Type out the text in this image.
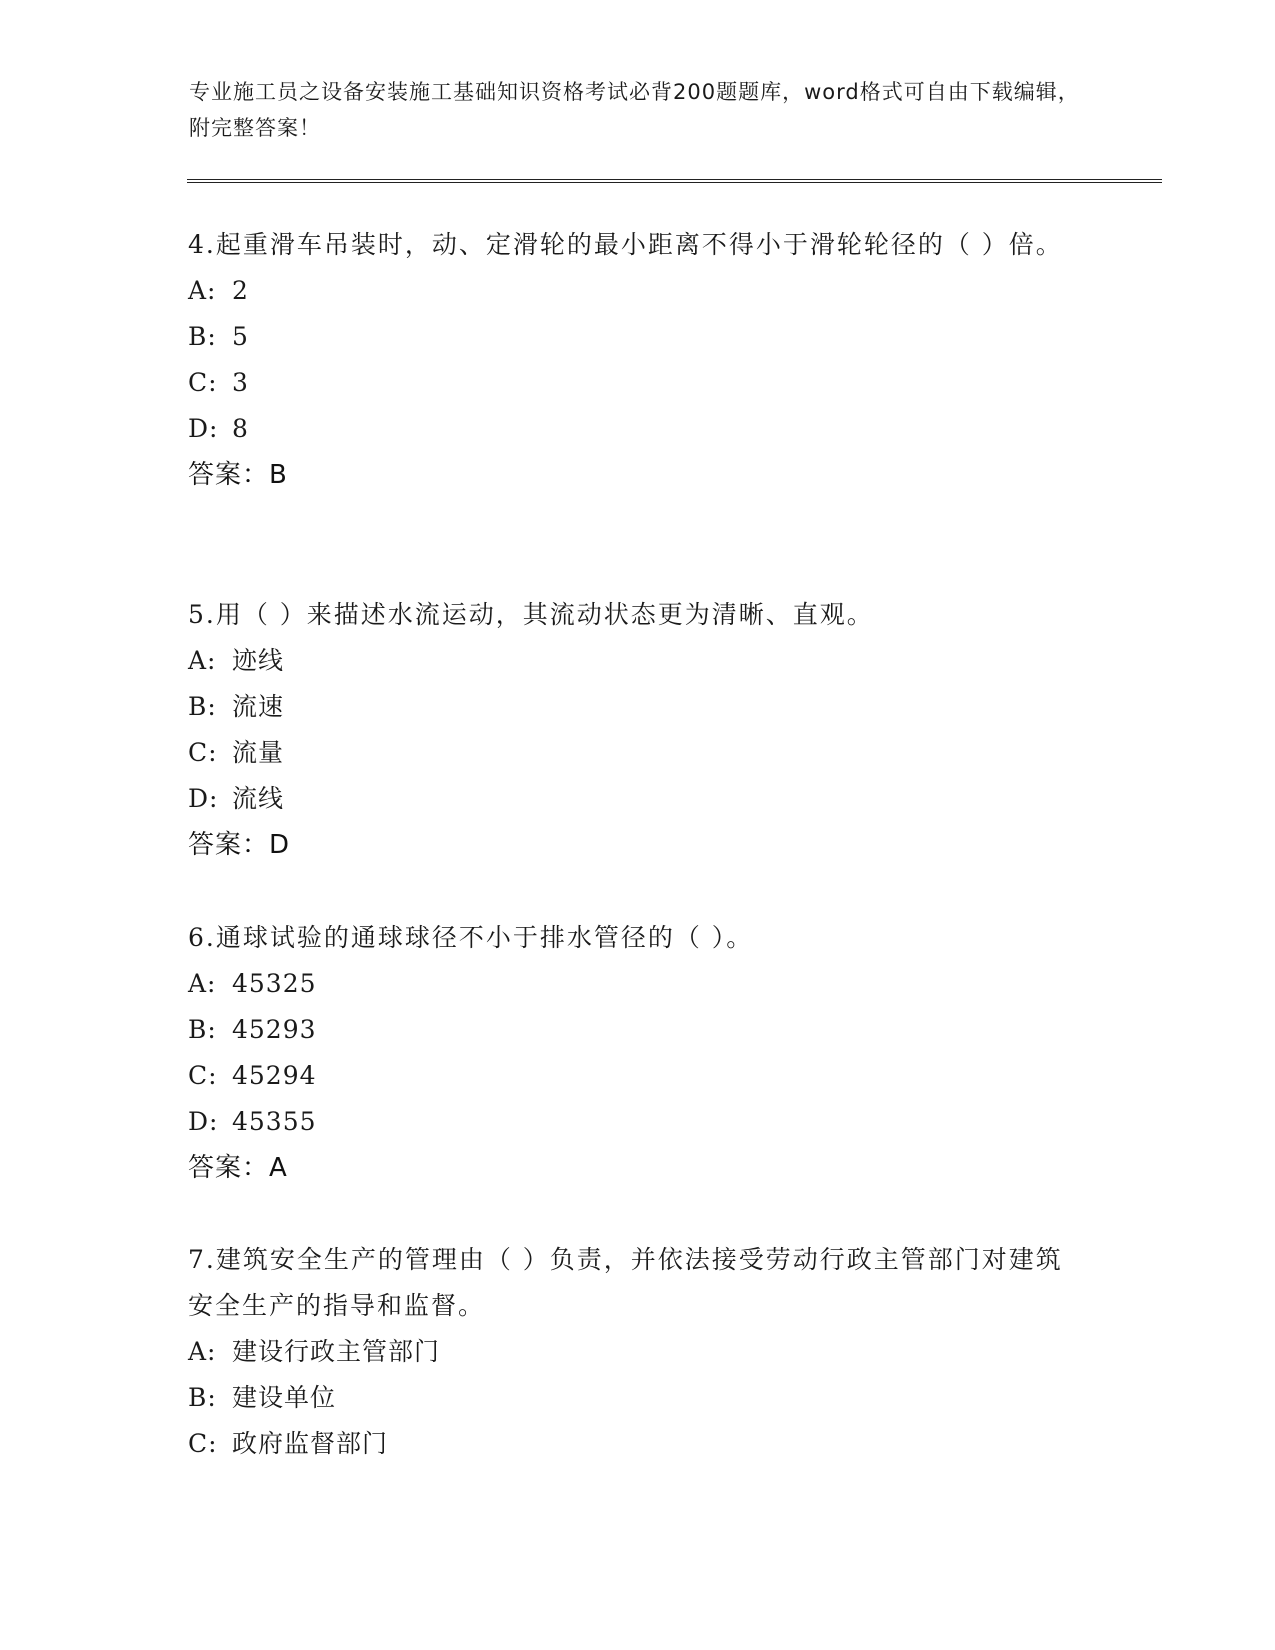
专业施工员之设备安装施工基础知识资格考试必背200题题库，word格式可自由下载编辑，附完整答案！

4.起重滑车吊装时，动、定滑轮的最小距离不得小于滑轮轮径的（ ）倍。

A: 2
B: 5
C: 3
D: 8
答案：B

5.用（ ）来描述水流运动，其流动状态更为清晰、直观。

A: 迹线
B: 流速
C: 流量
D: 流线
答案：D

6.通球试验的通球球径不小于排水管径的（ ）。

A: 45325
B: 45293
C: 45294
D: 45355
答案：A

7.建筑安全生产的管理由（ ）负责，并依法接受劳动行政主管部门对建筑安全生产的指导和监督。

A: 建设行政主管部门
B: 建设单位
C: 政府监督部门
